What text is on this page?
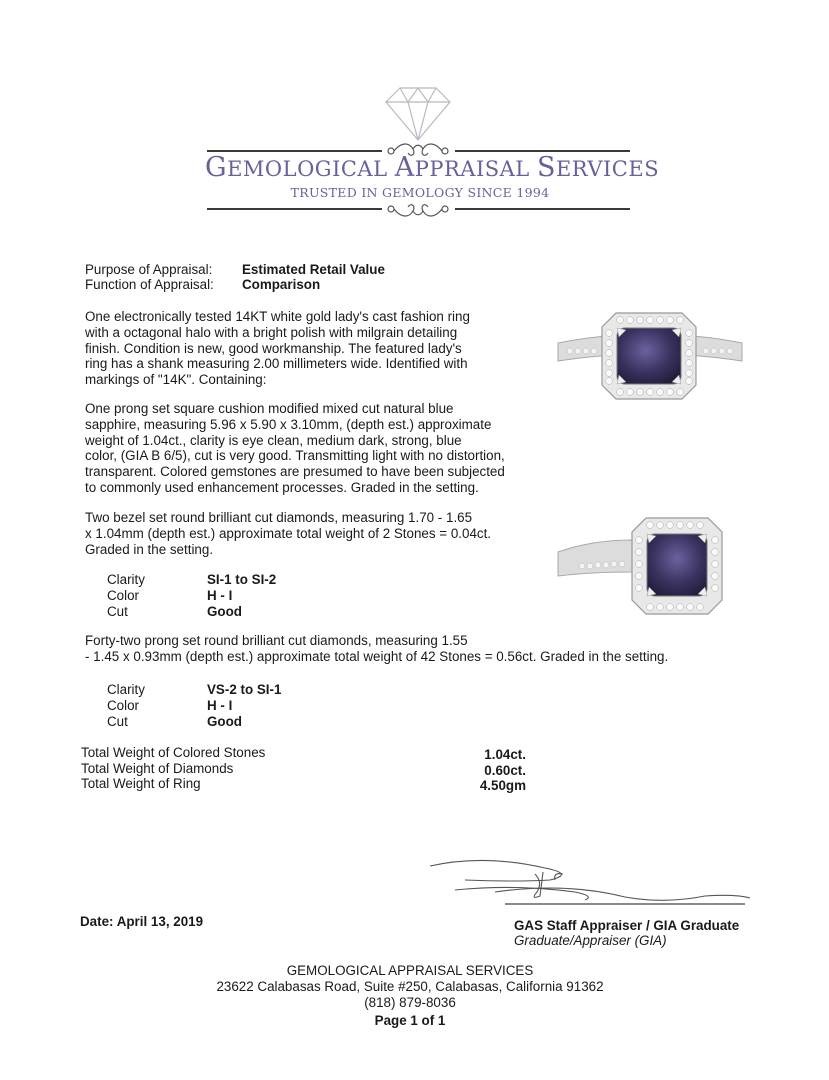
GEMOLOGICAL APPRAISAL SERVICES
TRUSTED IN GEMOLOGY SINCE 1994
Purpose of Appraisal: Estimated Retail Value
Function of Appraisal: Comparison
One electronically tested 14KT white gold lady's cast fashion ring
with a octagonal halo with a bright polish with milgrain detailing
finish. Condition is new, good workmanship. The featured lady's
ring has a shank measuring 2.00 millimeters wide. Identified with
markings of "14K". Containing:
One prong set square cushion modified mixed cut natural blue
sapphire, measuring 5.96 x 5.90 x 3.10mm, (depth est.) approximate
weight of 1.04ct., clarity is eye clean, medium dark, strong, blue
color, (GIA B 6/5), cut is very good. Transmitting light with no distortion,
transparent. Colored gemstones are presumed to have been subjected
to commonly used enhancement processes. Graded in the setting.
Two bezel set round brilliant cut diamonds, measuring 1.70 - 1.65
x 1.04mm (depth est.) approximate total weight of 2 Stones = 0.04ct.
Graded in the setting.
Clarity	SI-1 to SI-2
Color	H - I
Cut	Good
Forty-two prong set round brilliant cut diamonds, measuring 1.55
- 1.45 x 0.93mm (depth est.) approximate total weight of 42 Stones = 0.56ct. Graded in the setting.
Clarity	VS-2 to SI-1
Color	H - I
Cut	Good
Total Weight of Colored Stones	1.04ct.
Total Weight of Diamonds	0.60ct.
Total Weight of Ring	4.50gm
GAS Staff Appraiser / GIA Graduate
Graduate/Appraiser (GIA)
Date: April 13, 2019
GEMOLOGICAL APPRAISAL SERVICES
23622 Calabasas Road, Suite #250, Calabasas, California 91362
(818) 879-8036
Page 1 of 1
